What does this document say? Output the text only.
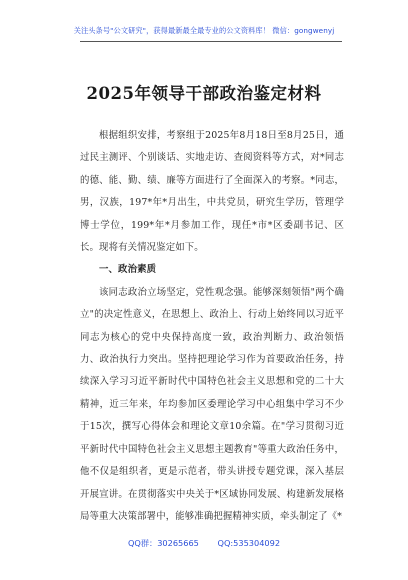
关注头条号"公文研究"，获得最新最全最专业的公文资料库！ 微信：gongwenyj
2025年领导干部政治鉴定材料

根据组织安排，考察组于2025年8月18日至8月25日，通过民主测评、个别谈话、实地走访、查阅资料等方式，对*同志的德、能、勤、绩、廉等方面进行了全面深入的考察。*同志，男，汉族，197*年*月出生，中共党员，研究生学历，管理学博士学位，199*年*月参加工作，现任*市*区委副书记、区长。现将有关情况鉴定如下。

一、政治素质

该同志政治立场坚定，党性观念强。能够深刻领悟"两个确立"的决定性意义，在思想上、政治上、行动上始终同以习近平同志为核心的党中央保持高度一致，政治判断力、政治领悟力、政治执行力突出。坚持把理论学习作为首要政治任务，持续深入学习习近平新时代中国特色社会主义思想和党的二十大精神，近三年来，年均参加区委理论学习中心组集中学习不少于15次，撰写心得体会和理论文章10余篇。在"学习贯彻习近平新时代中国特色社会主义思想主题教育"等重大政治任务中，他不仅是组织者，更是示范者，带头讲授专题党课，深入基层开展宣讲。在贯彻落实中央关于*区域协同发展、构建新发展格局等重大决策部署中，能够准确把握精神实质，牵头制定了《*

QQ群：30265665 QQ:535304092
